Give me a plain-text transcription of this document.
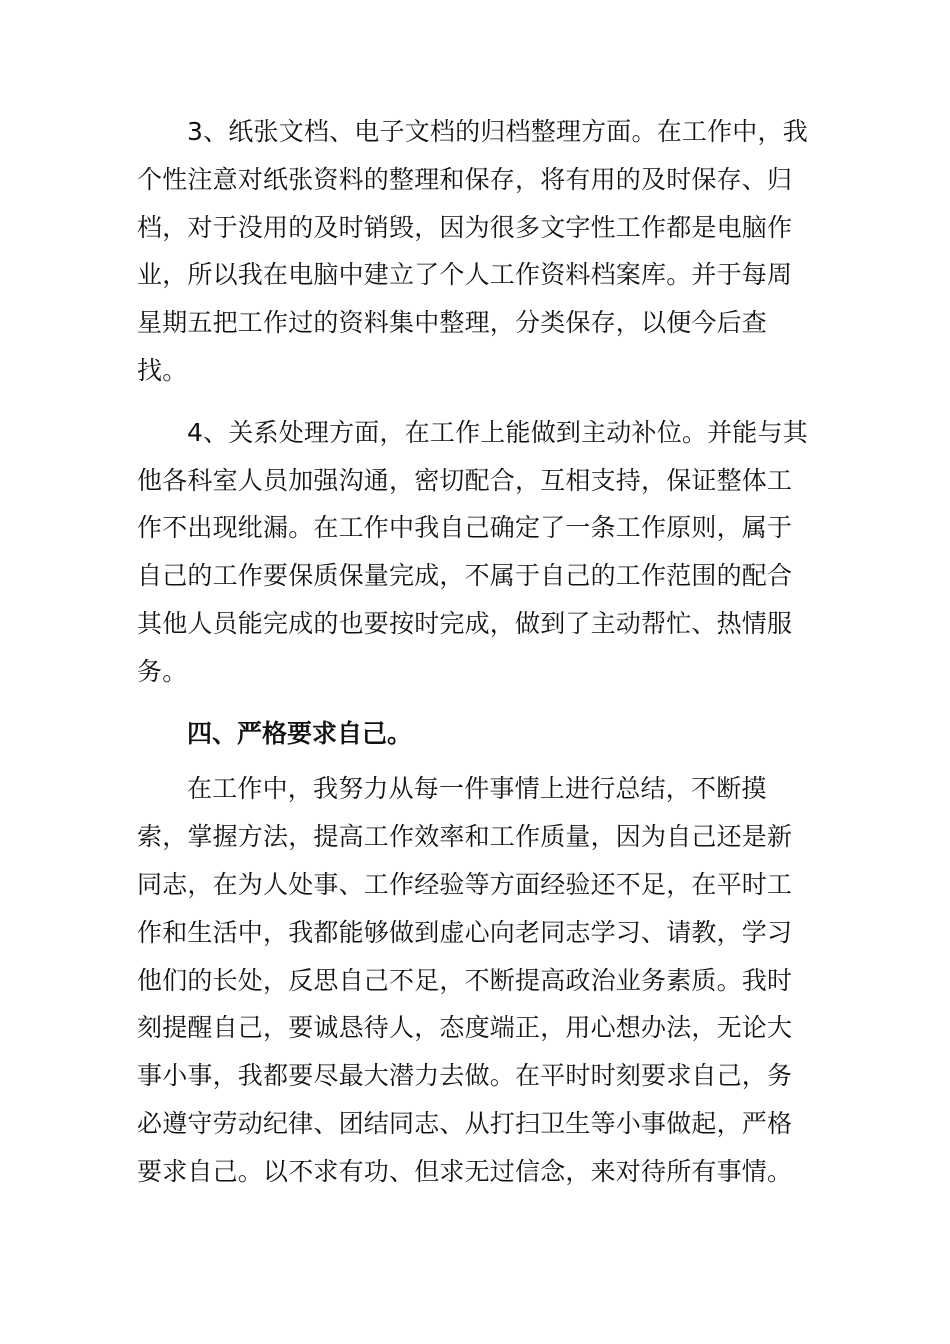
3、纸张文档、电子文档的归档整理方面。在工作中，我个性注意对纸张资料的整理和保存，将有用的及时保存、归档，对于没用的及时销毁，因为很多文字性工作都是电脑作业，所以我在电脑中建立了个人工作资料档案库。并于每周星期五把工作过的资料集中整理，分类保存，以便今后查找。

4、关系处理方面，在工作上能做到主动补位。并能与其他各科室人员加强沟通，密切配合，互相支持，保证整体工作不出现纰漏。在工作中我自己确定了一条工作原则，属于自己的工作要保质保量完成，不属于自己的工作范围的配合其他人员能完成的也要按时完成，做到了主动帮忙、热情服务。

四、严格要求自己。

在工作中，我努力从每一件事情上进行总结，不断摸索，掌握方法，提高工作效率和工作质量，因为自己还是新同志，在为人处事、工作经验等方面经验还不足，在平时工作和生活中，我都能够做到虚心向老同志学习、请教，学习他们的长处，反思自己不足，不断提高政治业务素质。我时刻提醒自己，要诚恳待人，态度端正，用心想办法，无论大事小事，我都要尽最大潜力去做。在平时时刻要求自己，务必遵守劳动纪律、团结同志、从打扫卫生等小事做起，严格要求自己。以不求有功、但求无过信念，来对待所有事情。
